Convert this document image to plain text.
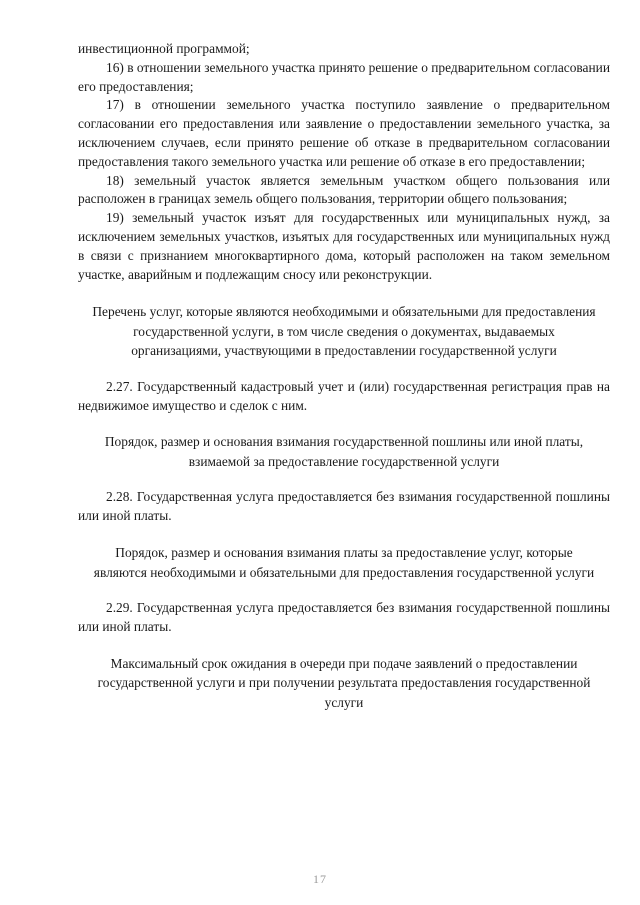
инвестиционной программой;

16) в отношении земельного участка принято решение о предварительном согласовании его предоставления;

17) в отношении земельного участка поступило заявление о предварительном согласовании его предоставления или заявление о предоставлении земельного участка, за исключением случаев, если принято решение об отказе в предварительном согласовании предоставления такого земельного участка или решение об отказе в его предоставлении;

18) земельный участок является земельным участком общего пользования или расположен в границах земель общего пользования, территории общего пользования;

19) земельный участок изъят для государственных или муниципальных нужд, за исключением земельных участков, изъятых для государственных или муниципальных нужд в связи с признанием многоквартирного дома, который расположен на таком земельном участке, аварийным и подлежащим сносу или реконструкции.

Перечень услуг, которые являются необходимыми и обязательными для предоставления государственной услуги, в том числе сведения о документах, выдаваемых организациями, участвующими в предоставлении государственной услуги

2.27. Государственный кадастровый учет и (или) государственная регистрация прав на недвижимое имущество и сделок с ним.

Порядок, размер и основания взимания государственной пошлины или иной платы, взимаемой за предоставление государственной услуги

2.28. Государственная услуга предоставляется без взимания государственной пошлины или иной платы.

Порядок, размер и основания взимания платы за предоставление услуг, которые являются необходимыми и обязательными для предоставления государственной услуги

2.29. Государственная услуга предоставляется без взимания государственной пошлины или иной платы.

Максимальный срок ожидания в очереди при подаче заявлений о предоставлении государственной услуги и при получении результата предоставления государственной услуги

17
